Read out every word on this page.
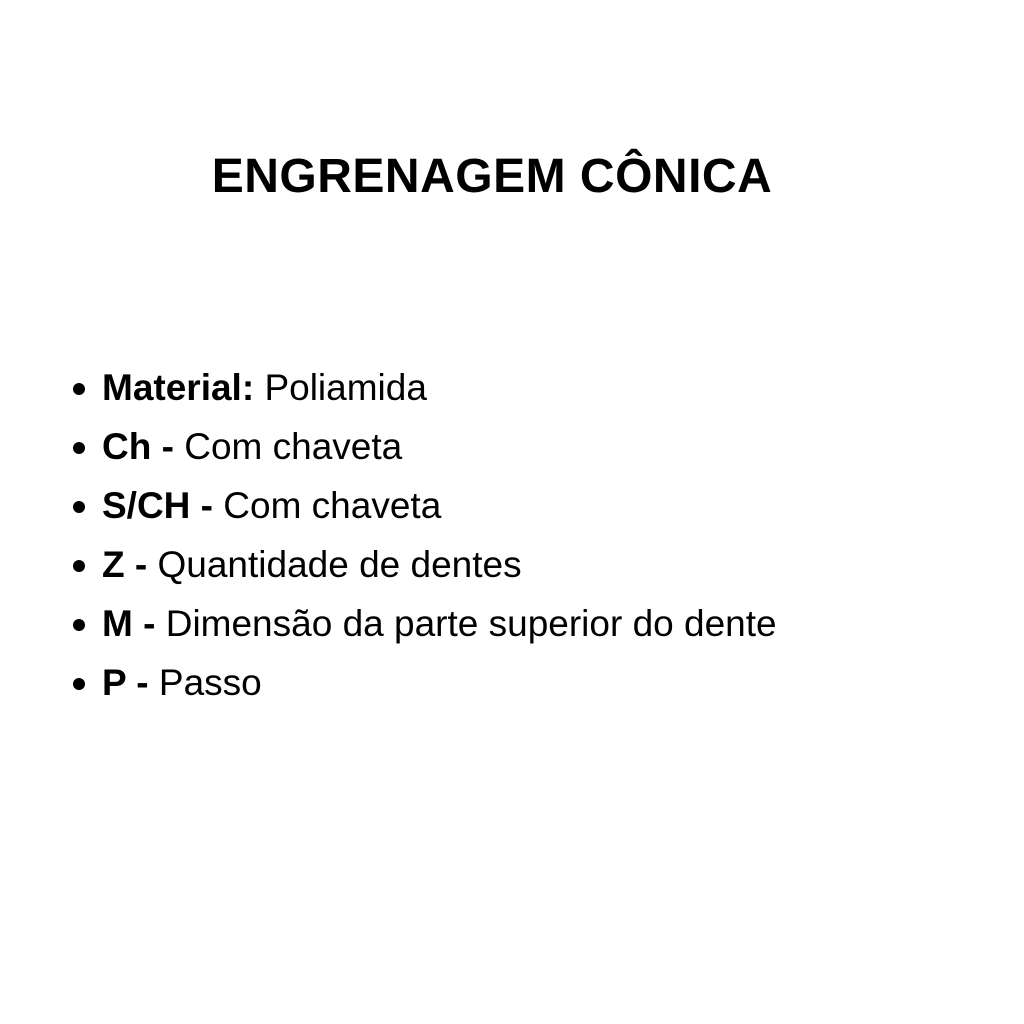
ENGRENAGEM CÔNICA
Material: Poliamida
Ch - Com chaveta
S/CH - Com chaveta
Z - Quantidade de dentes
M - Dimensão da parte superior do dente
P - Passo
